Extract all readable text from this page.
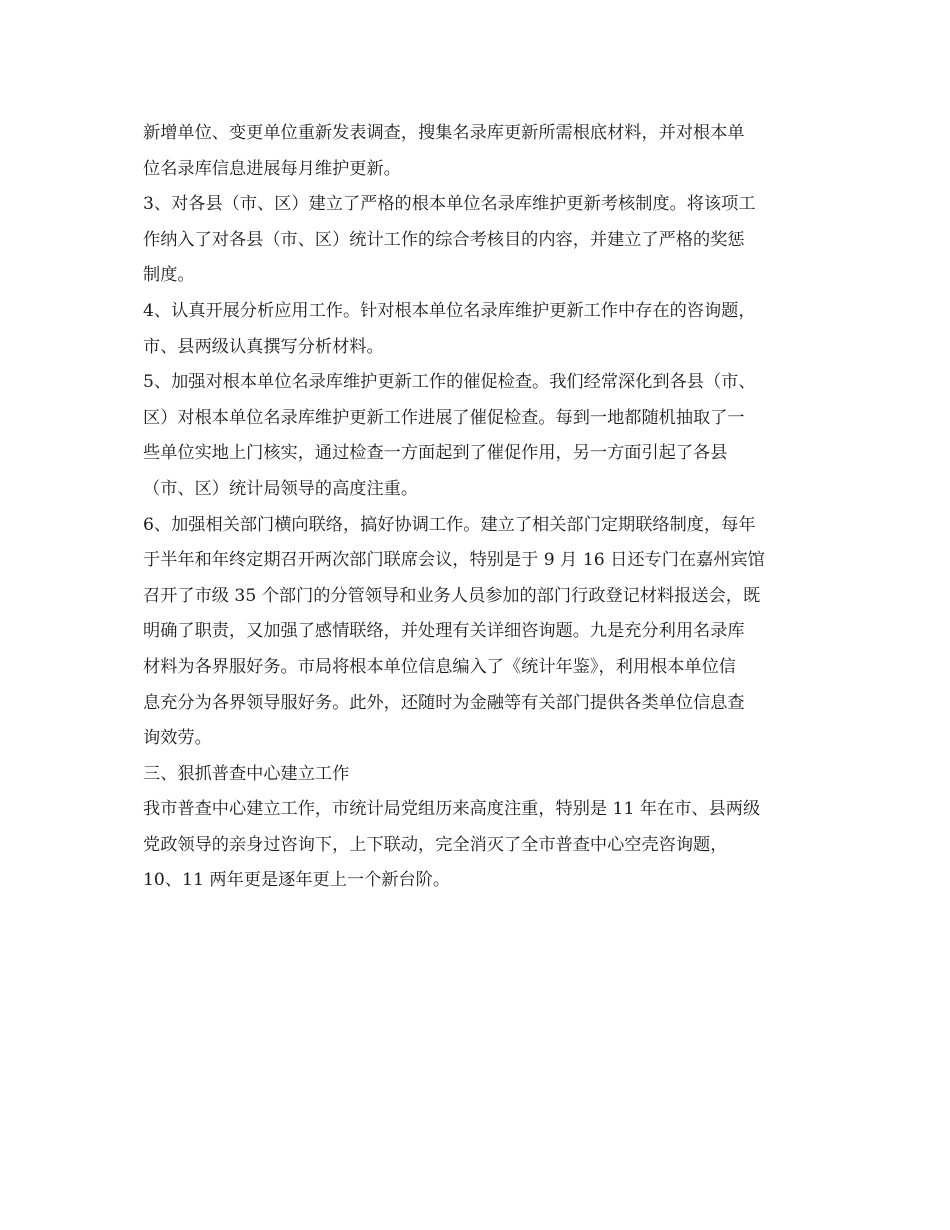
新增单位、变更单位重新发表调查，搜集名录库更新所需根底材料，并对根本单
位名录库信息进展每月维护更新。
3、对各县（市、区）建立了严格的根本单位名录库维护更新考核制度。将该项工
作纳入了对各县（市、区）统计工作的综合考核目的内容，并建立了严格的奖惩
制度。
4、认真开展分析应用工作。针对根本单位名录库维护更新工作中存在的咨询题，
市、县两级认真撰写分析材料。
5、加强对根本单位名录库维护更新工作的催促检查。我们经常深化到各县（市、
区）对根本单位名录库维护更新工作进展了催促检查。每到一地都随机抽取了一
些单位实地上门核实，通过检查一方面起到了催促作用，另一方面引起了各县
（市、区）统计局领导的高度注重。
6、加强相关部门横向联络，搞好协调工作。建立了相关部门定期联络制度，每年
于半年和年终定期召开两次部门联席会议，特别是于 9 月 16 日还专门在嘉州宾馆
召开了市级 35 个部门的分管领导和业务人员参加的部门行政登记材料报送会，既
明确了职责，又加强了感情联络，并处理有关详细咨询题。九是充分利用名录库
材料为各界服好务。市局将根本单位信息编入了《统计年鉴》，利用根本单位信
息充分为各界领导服好务。此外，还随时为金融等有关部门提供各类单位信息查
询效劳。
三、狠抓普查中心建立工作
我市普查中心建立工作，市统计局党组历来高度注重，特别是 11 年在市、县两级
党政领导的亲身过咨询下，上下联动，完全消灭了全市普查中心空壳咨询题，
10、11 两年更是逐年更上一个新台阶。
